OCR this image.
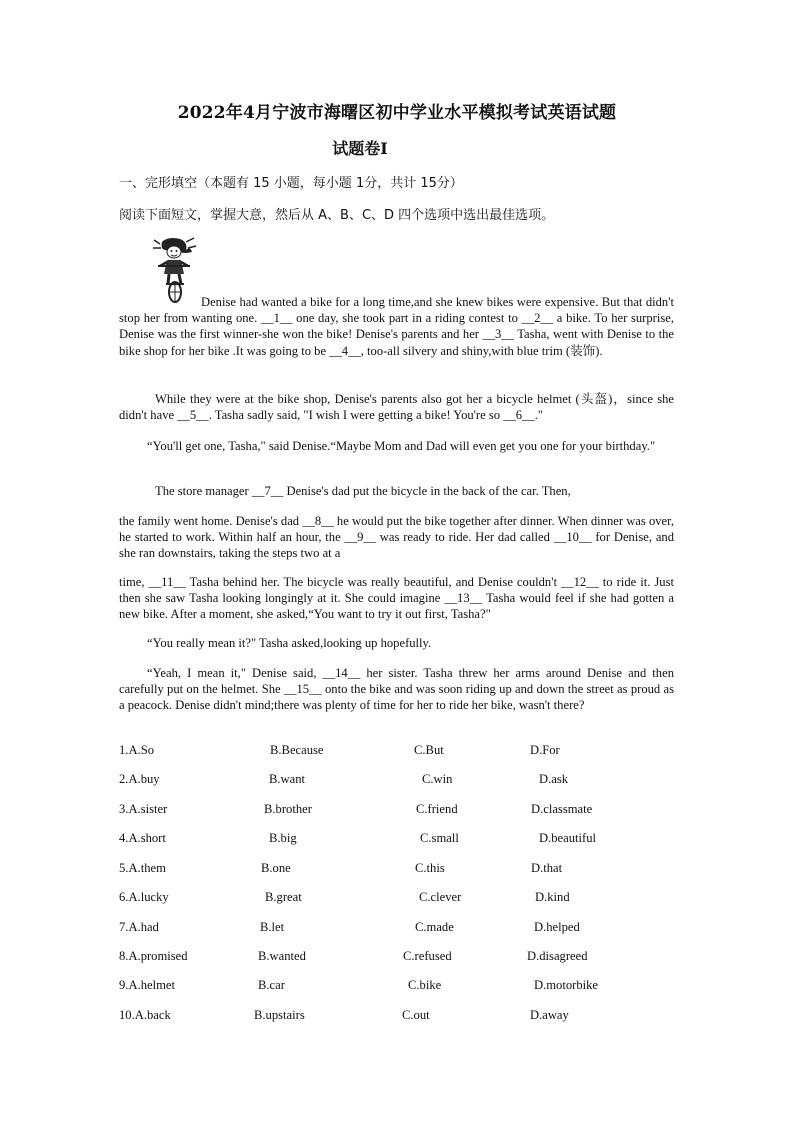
2022年4月宁波市海曙区初中学业水平模拟考试英语试题
试题卷Ⅰ
一、完形填空（本题有 15 小题，每小题 1分，共计 15分）
阅读下面短文，掌握大意，然后从 A、B、C、D 四个选项中选出最佳选项。
Denise had wanted a bike for a long time,and she knew bikes were expensive. But that didn't stop her from wanting one. __1__ one day, she took part in a riding contest to __2__ a bike. To her surprise, Denise was the first winner-she won the bike! Denise's parents and her __3__ Tasha, went with Denise to the bike shop for her bike .It was going to be __4__, too-all silvery and shiny,with blue trim (装饰).
While they were at the bike shop, Denise's parents also got her a bicycle helmet (头盔)，since she didn't have __5__. Tasha sadly said, "I wish I were getting a bike! You're so __6__."
“You'll get one, Tasha," said Denise.“Maybe Mom and Dad will even get you one for your birthday."
The store manager __7__ Denise's dad put the bicycle in the back of the car. Then,
the family went home. Denise's dad __8__ he would put the bike together after dinner. When dinner was over, he started to work. Within half an hour, the __9__ was ready to ride. Her dad called __10__ for Denise, and she ran downstairs, taking the steps two at a
time, __11__ Tasha behind her. The bicycle was really beautiful, and Denise couldn't __12__ to ride it. Just then she saw Tasha looking longingly at it. She could imagine __13__ Tasha would feel if she had gotten a new bike. After a moment, she asked,“You want to try it out first, Tasha?"
“You really mean it?" Tasha asked,looking up hopefully.
“Yeah, I mean it," Denise said, __14__ her sister. Tasha threw her arms around Denise and then carefully put on the helmet. She __15__ onto the bike and was soon riding up and down the street as proud as a peacock. Denise didn't mind;there was plenty of time for her to ride her bike, wasn't there?
1.A.So	B.Because	C.But	D.For
2.A.buy	B.want	C.win	D.ask
3.A.sister	B.brother	C.friend	D.classmate
4.A.short	B.big	C.small	D.beautiful
5.A.them	B.one	C.this	D.that
6.A.lucky	B.great	C.clever	D.kind
7.A.had	B.let	C.made	D.helped
8.A.promised	B.wanted	C.refused	D.disagreed
9.A.helmet	B.car	C.bike	D.motorbike
10.A.back	B.upstairs	C.out	D.away
